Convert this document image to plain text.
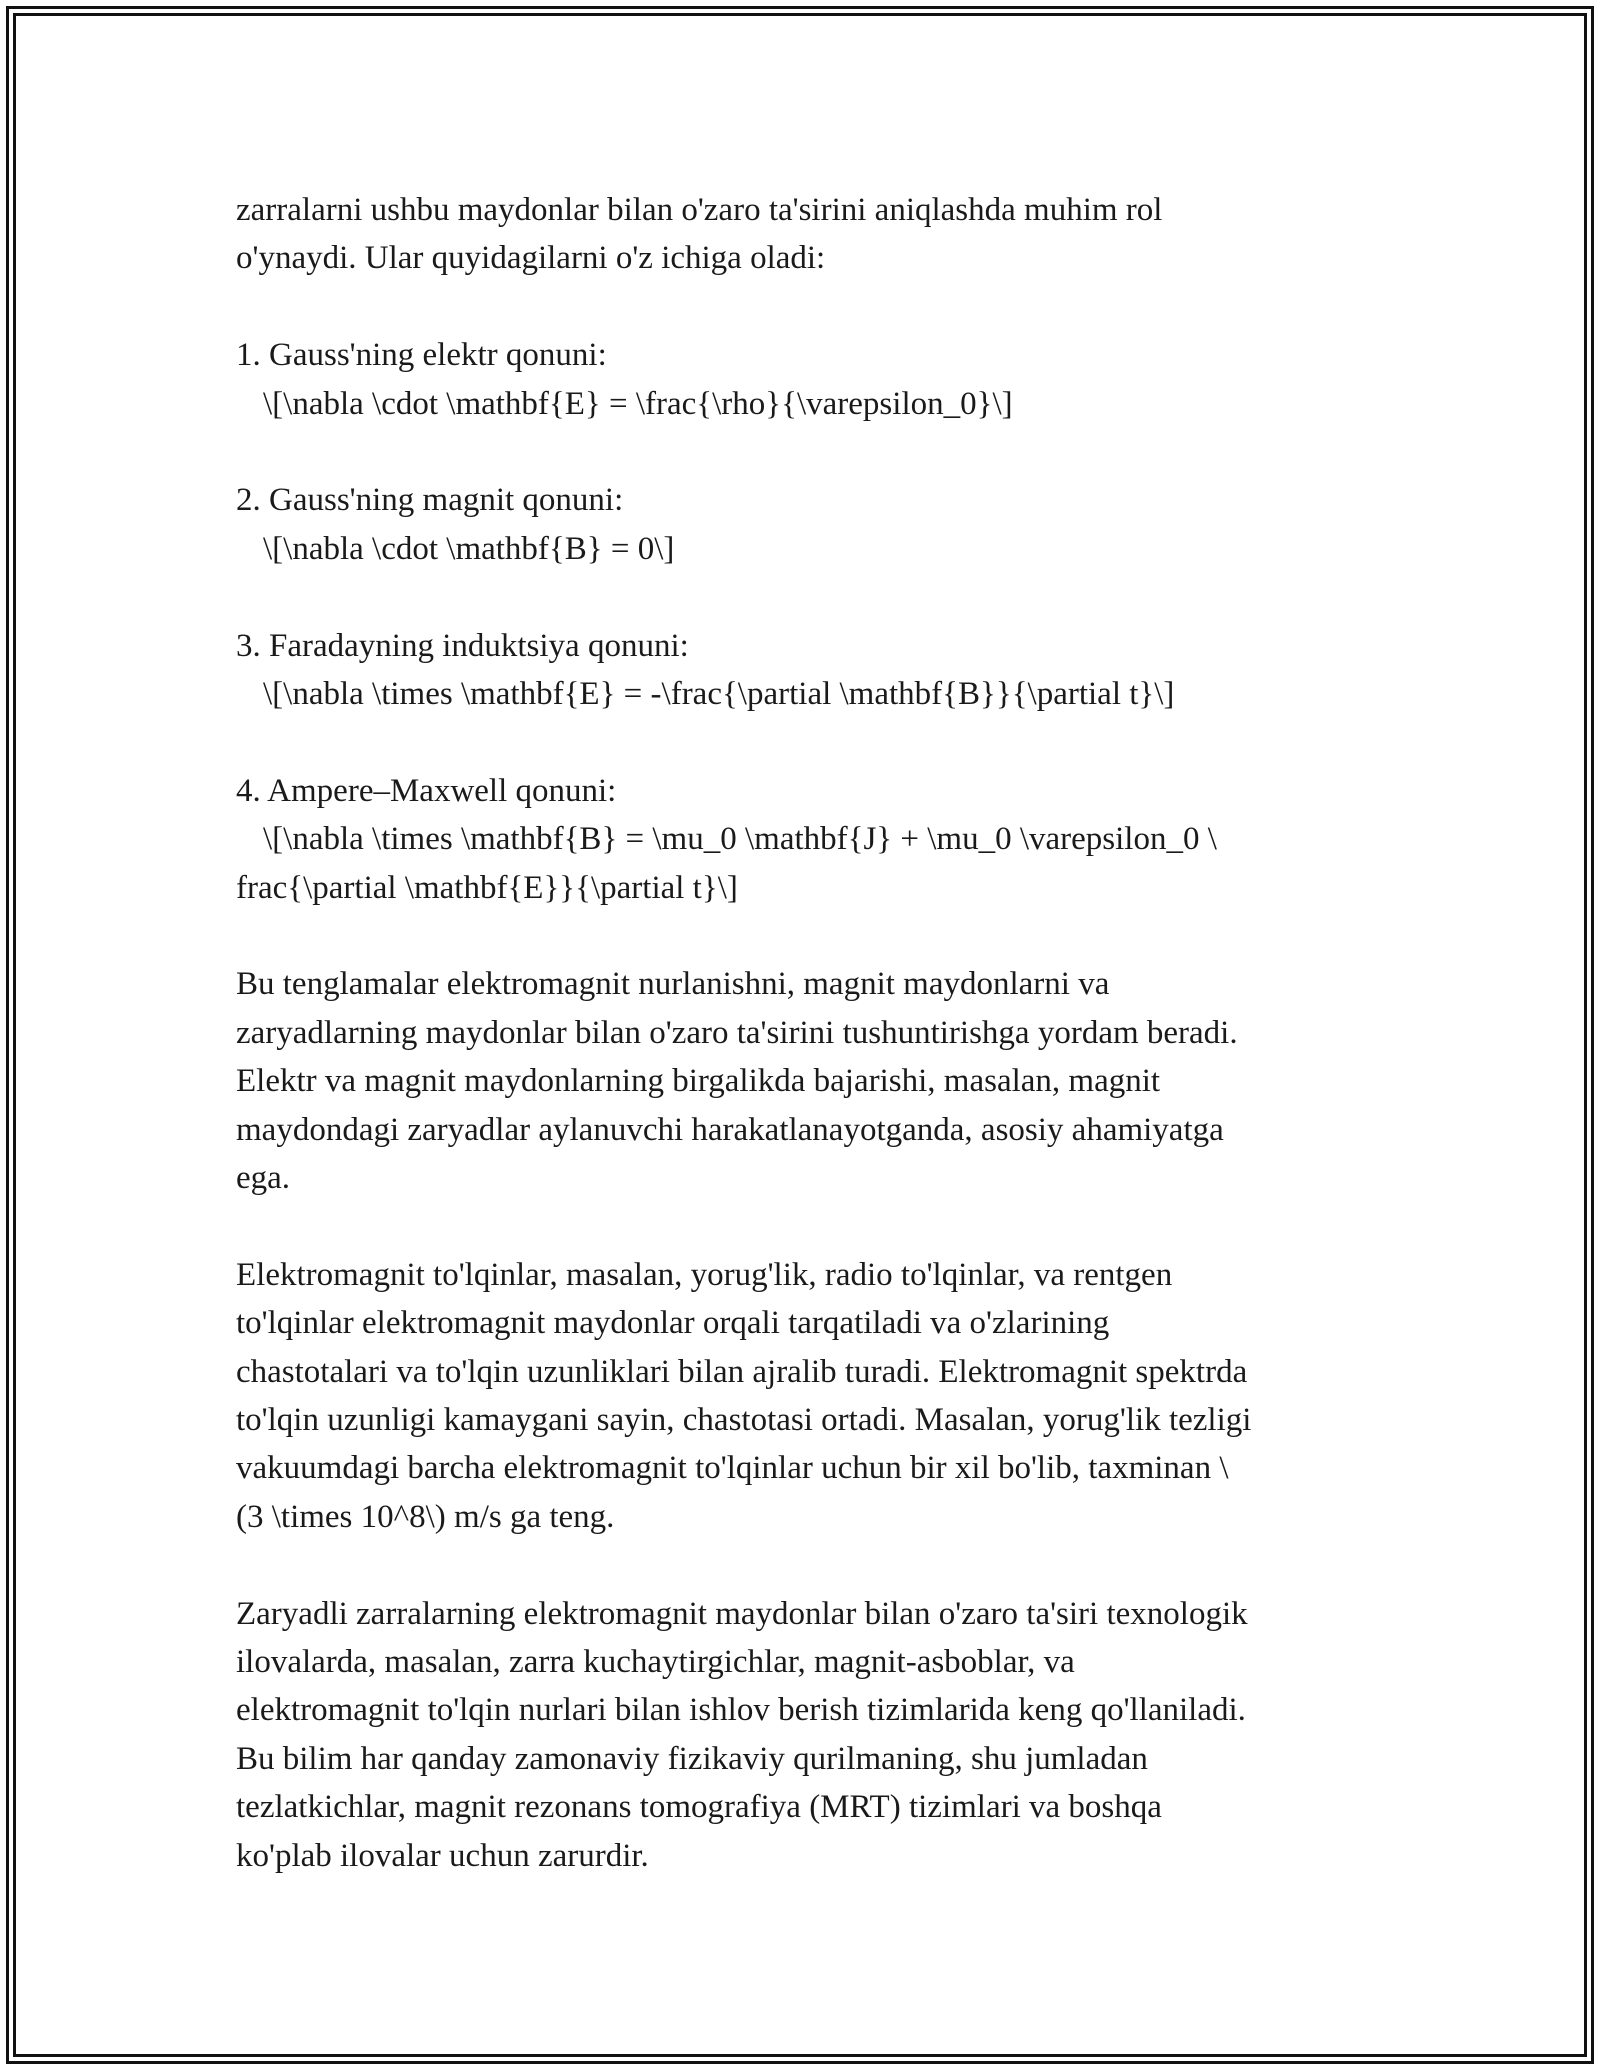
zarralarni ushbu maydonlar bilan o'zaro ta'sirini aniqlashda muhim rol
o'ynaydi. Ular quyidagilarni o'z ichiga oladi:

1. Gauss'ning elektr qonuni:
\[\nabla \cdot \mathbf{E} = \frac{\rho}{\varepsilon_0}\]

2. Gauss'ning magnit qonuni:
\[\nabla \cdot \mathbf{B} = 0\]

3. Faradayning induktsiya qonuni:
\[\nabla \times \mathbf{E} = -\frac{\partial \mathbf{B}}{\partial t}\]

4. Ampere–Maxwell qonuni:
\[\nabla \times \mathbf{B} = \mu_0 \mathbf{J} + \mu_0 \varepsilon_0 \
frac{\partial \mathbf{E}}{\partial t}\]

Bu tenglamalar elektromagnit nurlanishni, magnit maydonlarni va
zaryadlarning maydonlar bilan o'zaro ta'sirini tushuntirishga yordam beradi.
Elektr va magnit maydonlarning birgalikda bajarishi, masalan, magnit
maydondagi zaryadlar aylanuvchi harakatlanayotganda, asosiy ahamiyatga
ega.

Elektromagnit to'lqinlar, masalan, yorug'lik, radio to'lqinlar, va rentgen
to'lqinlar elektromagnit maydonlar orqali tarqatiladi va o'zlarining
chastotalari va to'lqin uzunliklari bilan ajralib turadi. Elektromagnit spektrda
to'lqin uzunligi kamaygani sayin, chastotasi ortadi. Masalan, yorug'lik tezligi
vakuumdagi barcha elektromagnit to'lqinlar uchun bir xil bo'lib, taxminan \
(3 \times 10^8\) m/s ga teng.

Zaryadli zarralarning elektromagnit maydonlar bilan o'zaro ta'siri texnologik
ilovalarda, masalan, zarra kuchaytirgichlar, magnit-asboblar, va
elektromagnit to'lqin nurlari bilan ishlov berish tizimlarida keng qo'llaniladi.
Bu bilim har qanday zamonaviy fizikaviy qurilmaning, shu jumladan
tezlatkichlar, magnit rezonans tomografiya (MRT) tizimlari va boshqa
ko'plab ilovalar uchun zarurdir.
